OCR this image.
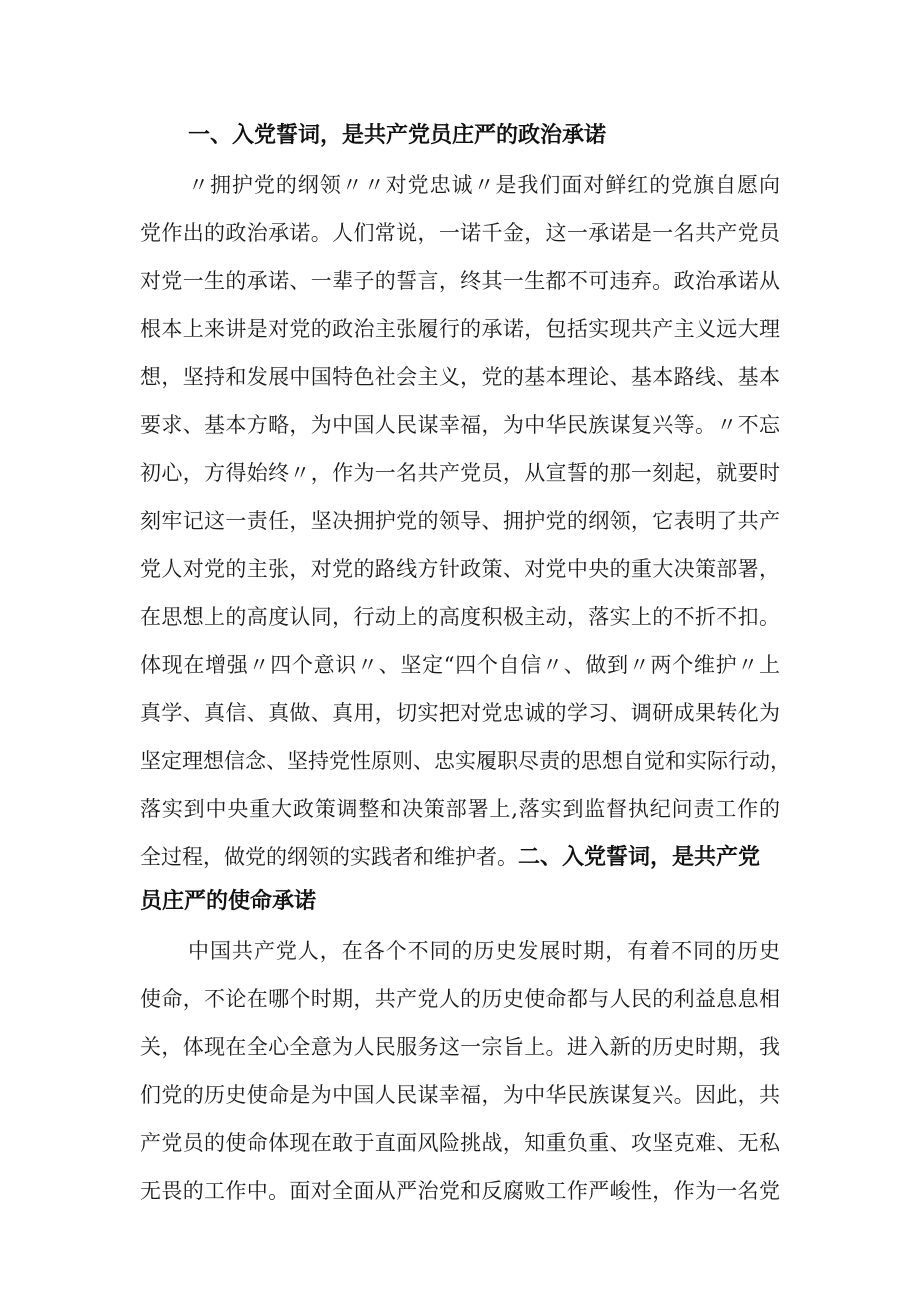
一、入党誓词，是共产党员庄严的政治承诺
〃拥护党的纲领〃〃对党忠诚〃是我们面对鲜红的党旗自愿向
党作出的政治承诺。人们常说，一诺千金，这一承诺是一名共产党员
对党一生的承诺、一辈子的誓言，终其一生都不可违弃。政治承诺从
根本上来讲是对党的政治主张履行的承诺，包括实现共产主义远大理
想，坚持和发展中国特色社会主义，党的基本理论、基本路线、基本
要求、基本方略，为中国人民谋幸福，为中华民族谋复兴等。〃不忘
初心，方得始终〃，作为一名共产党员，从宣誓的那一刻起，就要时
刻牢记这一责任，坚决拥护党的领导、拥护党的纲领，它表明了共产
党人对党的主张，对党的路线方针政策、对党中央的重大决策部署，
在思想上的高度认同，行动上的高度积极主动，落实上的不折不扣。
体现在增强〃四个意识〃、坚定“四个自信〃、做到〃两个维护〃上
真学、真信、真做、真用，切实把对党忠诚的学习、调研成果转化为
坚定理想信念、坚持党性原则、忠实履职尽责的思想自觉和实际行动，
落实到中央重大政策调整和决策部署上,落实到监督执纪问责工作的
全过程，做党的纲领的实践者和维护者。二、入党誓词，是共产党
员庄严的使命承诺
中国共产党人，在各个不同的历史发展时期，有着不同的历史
使命，不论在哪个时期，共产党人的历史使命都与人民的利益息息相
关，体现在全心全意为人民服务这一宗旨上。进入新的历史时期，我
们党的历史使命是为中国人民谋幸福，为中华民族谋复兴。因此，共
产党员的使命体现在敢于直面风险挑战，知重负重、攻坚克难、无私
无畏的工作中。面对全面从严治党和反腐败工作严峻性，作为一名党
